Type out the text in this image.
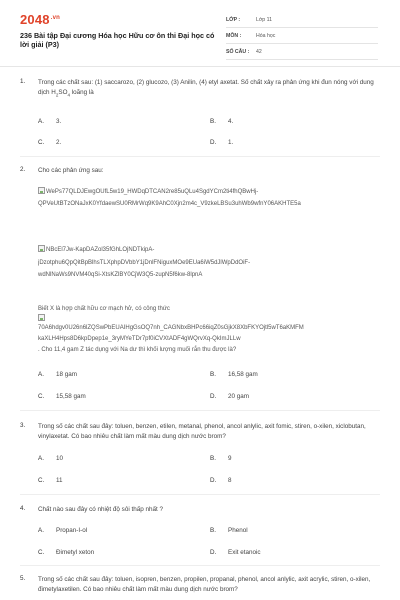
$2048^{.vn}$
236 Bài tập Đại cương Hóa học Hữu cơ ôn thi Đại học có lời giải (P3)
LỚP :	Lớp 11
MÔN :	Hóa học
SỐ CÂU :	42
1. Trong các chất sau: (1) saccarozo, (2) glucozo, (3) Anilin, (4) etyl axetat. Số chất xảy ra phản ứng khi đun nóng với dung dịch $H_2SO_4$ loãng là
A. 3.	B. 4.
C. 2.	D. 1.
2. Cho các phản ứng sau:
WePs77QLDJEwgOUfL5w19_HWDqDTCAN2re85uQLu4SgdYCm2ti4fhQBwHj-
QPVeUtBTzONaJxK0YfdaewSU0RMrWq9K9AhC0Xjn2m4c_V9zkeLBSu3uhWb9wfnY06AKHTE5a
NBcEl7Jw-KapDAZol35fGhLOjNDTkipA-
jDzotphu6QpQitBpBlhsTLXphpDVbbY1jDnlFNiguxMOe9EUa6iW5dJlWpDdOiF-
wdNlNaWs9NVM40qSi-XtsKZlBY0CjW3Q5-zupN5f6kw-8lpnA
Biết X là hợp chất hữu cơ mạch hở, có công thức
70A6hdgv0U26n6lZQSwPbEUAIHgGsOQ7nh_CAGNbxBHPc66iqZ0sGjkX8XbFKYOjtl5wT6aKMFM
kaXLH4Hps8D6kpDpep1e_3ryMYeTDr7pf0iCVXtADF4gWQrvXq-QkImJLLw
. Cho 11,4 gam Z tác dụng với Na dư thì khối lượng muối rắn thu được là?
A. 18 gam	B. 16,58 gam
C. 15,58 gam	D. 20 gam
3. Trong số các chất sau đây: toluen, benzen, etilen, metanal, phenol, ancol anlylic, axit fomic, stiren, o-xilen, xiclobutan, vinylaxetat. Có bao nhiêu chất làm mất màu dung dịch nước brom?
A. 10	B. 9
C. 11	D. 8
4. Chất nào sau đây có nhiệt độ sôi thấp nhất ?
A. Propan-I-ol	B. Phenol
C. Đimetyl xeton	D. Exit etanoic
5. Trong số các chất sau đây: toluen, isopren, benzen, propilen, propanal, phenol, ancol anlylic, axit acrylic, stiren, o-xilen, đimetylaxetilen. Có bao nhiêu chất làm mất màu dung dịch nước brom?
